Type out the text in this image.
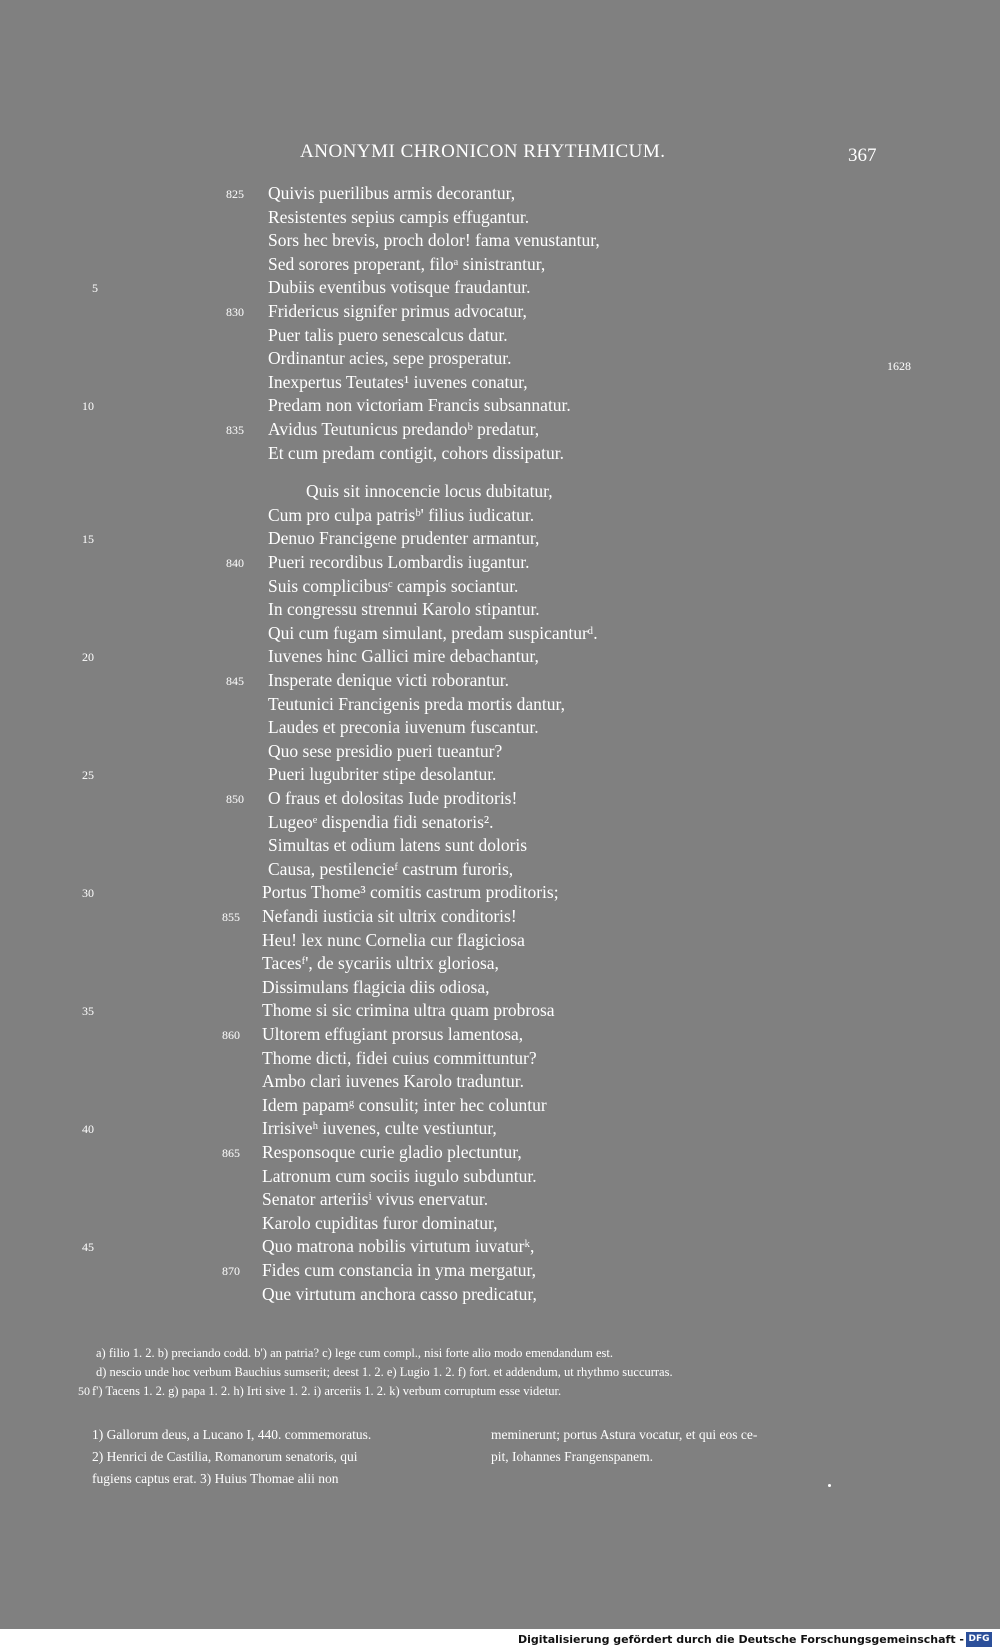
ANONYMI CHRONICON RHYTHMICUM.	367
1628
Quivis puerilibus armis decorantur,
Resistentes sepius campis effugantur.
Sors hec brevis, proch dolor! fama venustantur,
Sed sorores properant, filoᵃ sinistrantur,
Dubiis eventibus votisque fraudantur.
Fridericus signifer primus advocatur,
Puer talis puero senescalcus datur.
Ordinantur acies, sepe prosperatur.
Inexpertus Teutates¹ iuvenes conatur,
Predam non victoriam Francis subsannatur.
Avidus Teutunicus predandoᵇ predatur,
Et cum predam contigit, cohors dissipatur.
Quis sit innocencie locus dubitatur,
Cum pro culpa patrisᵇ' filius iudicatur.
Denuo Francigene prudenter armantur,
Pueri recordibus Lombardis iugantur.
Suis complicibusᶜ campis sociantur.
In congressu strennui Karolo stipantur.
Qui cum fugam simulant, predam suspicanturᵈ.
Iuvenes hinc Gallici mire debachantur,
Insperate denique victi roborantur.
Teutunici Francigenis preda mortis dantur,
Laudes et preconia iuvenum fuscantur.
Quo sese presidio pueri tueantur?
Pueri lugubriter stipe desolantur.
O fraus et dolositas Iude proditoris!
Lugeoᵉ dispendia fidi senatoris².
Simultas et odium latens sunt doloris
Causa, pestilencieᶠ castrum furoris,
Portus Thome³ comitis castrum proditoris;
Nefandi iusticia sit ultrix conditoris!
Heu! lex nunc Cornelia cur flagiciosa
Tacesᶠ', de sycariis ultrix gloriosa,
Dissimulans flagicia diis odiosa,
Thome si sic crimina ultra quam probrosa
Ultorem effugiant prorsus lamentosa,
Thome dicti, fidei cuius committuntur?
Ambo clari iuvenes Karolo traduntur.
Idem papamᵍ consulit; inter hec coluntur
Irrisiveʰ iuvenes, culte vestiuntur,
Responsoque curie gladio plectuntur,
Latronum cum sociis iugulo subduntur.
Senator arteriisⁱ vivus enervatur.
Karolo cupiditas furor dominatur,
Quo matrona nobilis virtutum iuvaturᵏ,
Fides cum constancia in yma mergatur,
Que virtutum anchora casso predicatur,
825
830
835
840
845
850
855
860
865
870
5
10
15
20
25
30
35
40
45
a) filio 1. 2. b) preciando codd. b') an patria? c) lege cum compl., nisi forte alio modo emendandum est.
d) nescio unde hoc verbum Bauchius sumserit; deest 1. 2. e) Lugio 1. 2. f) fort. et addendum, ut rhythmo succurras.
f') Tacens 1. 2. g) papa 1. 2. h) Irti sive 1. 2. i) arceriis 1. 2. k) verbum corruptum esse videtur.
50
1) Gallorum deus, a Lucano I, 440. commemoratus.
2) Henrici de Castilia, Romanorum senatoris, qui
fugiens captus erat. 3) Huius Thomae alii non
meminerunt; portus Astura vocatur, et qui eos ce-
pit, Iohannes Frangenspanem.
Digitalisierung gefördert durch die Deutsche Forschungsgemeinschaft - DFG
